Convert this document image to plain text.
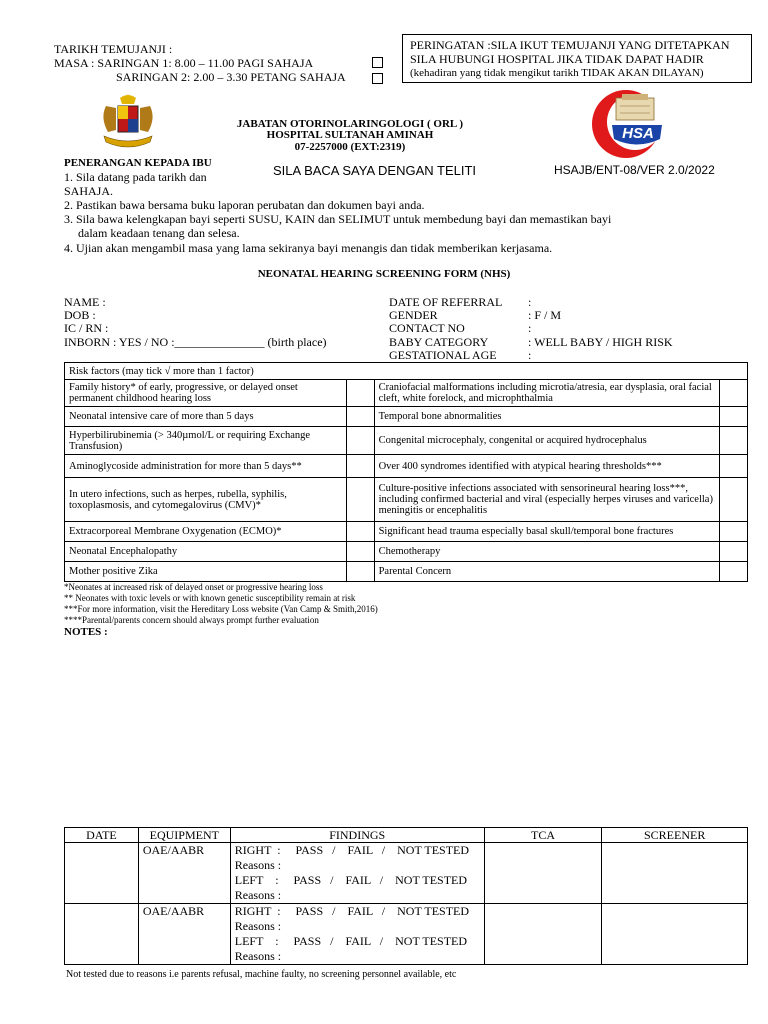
TARIKH TEMUJANJI :
MASA : SARINGAN 1: 8.00 – 11.00 PAGI SAHAJA
SARINGAN 2: 2.00 – 3.30 PETANG SAHAJA
PERINGATAN :SILA IKUT TEMUJANJI YANG DITETAPKAN
SILA HUBUNGI HOSPITAL JIKA TIDAK DAPAT HADIR
(kehadiran yang tidak mengikut tarikh TIDAK AKAN DILAYAN)
JABATAN OTORINOLARINGOLOGI ( ORL )
HOSPITAL SULTANAH AMINAH
07-2257000 (EXT:2319)
HSA
PENERANGAN KEPADA IBU	SILA BACA SAYA DENGAN TELITI	HSAJB/ENT-08/VER 2.0/2022
1. Sila datang pada tarikh dan
SAHAJA.
2. Pastikan bawa bersama buku laporan perubatan dan dokumen bayi anda.
3. Sila bawa kelengkapan bayi seperti SUSU, KAIN dan SELIMUT untuk membedung bayi dan memastikan bayi
dalam keadaan tenang dan selesa.
4. Ujian akan mengambil masa yang lama sekiranya bayi menangis dan tidak memberikan kerjasama.
NEONATAL HEARING SCREENING FORM (NHS)
NAME :
DOB :
IC / RN :
INBORN : YES / NO :_______________ (birth place)
DATE OF REFERRAL :
GENDER	: F / M
CONTACT NO	:
BABY CATEGORY	: WELL BABY / HIGH RISK
GESTATIONAL AGE	:
Risk factors (may tick √ more than 1 factor)			
Family history* of early, progressive, or delayed onset permanent childhood hearing loss		Craniofacial malformations including microtia/atresia, ear dysplasia, oral facial cleft, white forelock, and microphthalmia	
Neonatal intensive care of more than 5 days		Temporal bone abnormalities	
Hyperbilirubinemia (> 340µmol/L or requiring Exchange Transfusion)		Congenital microcephaly, congenital or acquired hydrocephalus	
Aminoglycoside administration for more than 5 days**		Over 400 syndromes identified with atypical hearing thresholds***	
In utero infections, such as herpes, rubella, syphilis, toxoplasmosis, and cytomegalovirus (CMV)*		Culture-positive infections associated with sensorineural hearing loss***, including confirmed bacterial and viral (especially herpes viruses and varicella) meningitis or encephalitis	
Extracorporeal Membrane Oxygenation (ECMO)*		Significant head trauma especially basal skull/temporal bone fractures	
Neonatal Encephalopathy		Chemotherapy	
Mother positive Zika		Parental Concern	
*Neonates at increased risk of delayed onset or progressive hearing loss
** Neonates with toxic levels or with known genetic susceptibility remain at risk
***For more information, visit the Hereditary Loss website (Van Camp & Smith,2016)
****Parental/parents concern should always prompt further evaluation
NOTES :
DATE	EQUIPMENT	FINDINGS	TCA	SCREENER
	OAE/AABR	RIGHT  :     PASS   /    FAIL   /    NOT TESTED
Reasons :
LEFT    :     PASS   /    FAIL   /    NOT TESTED
Reasons :		

	OAE/AABR	RIGHT  :     PASS   /    FAIL   /    NOT TESTED
Reasons :
LEFT    :     PASS   /    FAIL   /    NOT TESTED
Reasons :		

Not tested due to reasons i.e parents refusal, machine faulty, no screening personnel available, etc
